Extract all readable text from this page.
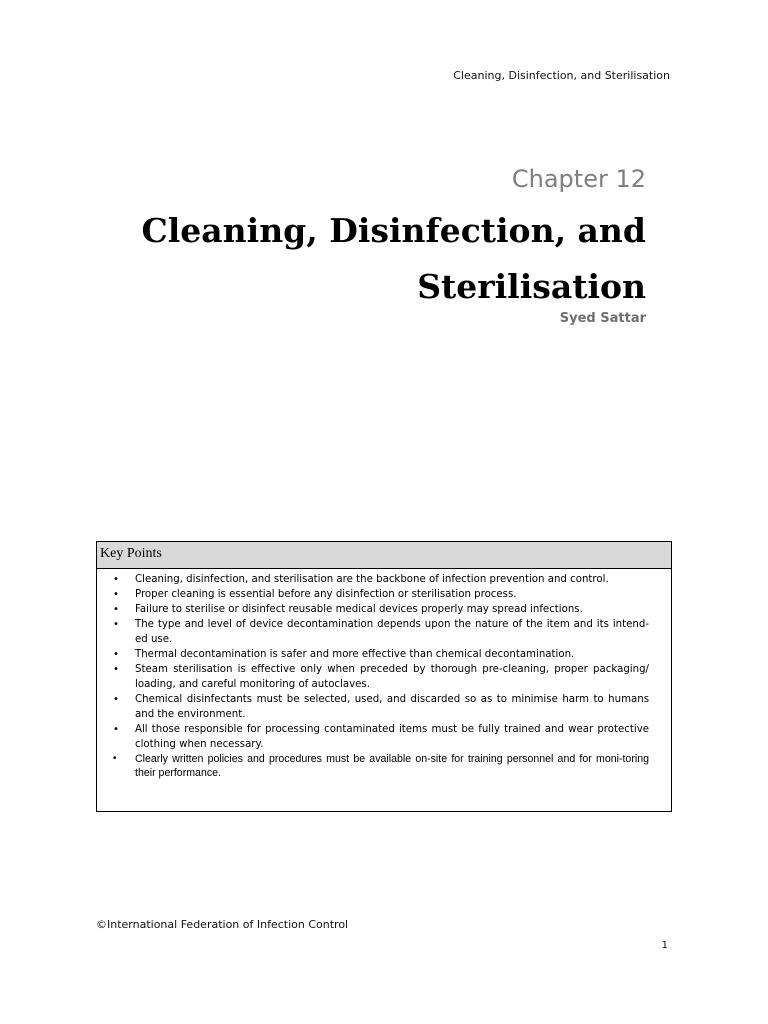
Cleaning, Disinfection, and Sterilisation
Chapter 12
Cleaning, Disinfection, and Sterilisation
Syed Sattar
Key Points
• Cleaning, disinfection, and sterilisation are the backbone of infection prevention and control.
• Proper cleaning is essential before any disinfection or sterilisation process.
• Failure to sterilise or disinfect reusable medical devices properly may spread infections.
• The type and level of device decontamination depends upon the nature of the item and its intend-ed use.
• Thermal decontamination is safer and more effective than chemical decontamination.
• Steam sterilisation is effective only when preceded by thorough pre-cleaning, proper packaging/ loading, and careful monitoring of autoclaves.
• Chemical disinfectants must be selected, used, and discarded so as to minimise harm to humans and the environment.
• All those responsible for processing contaminated items must be fully trained and wear protective clothing when necessary.
• Clearly written policies and procedures must be available on-site for training personnel and for moni-toring their performance.
©International Federation of Infection Control
1
